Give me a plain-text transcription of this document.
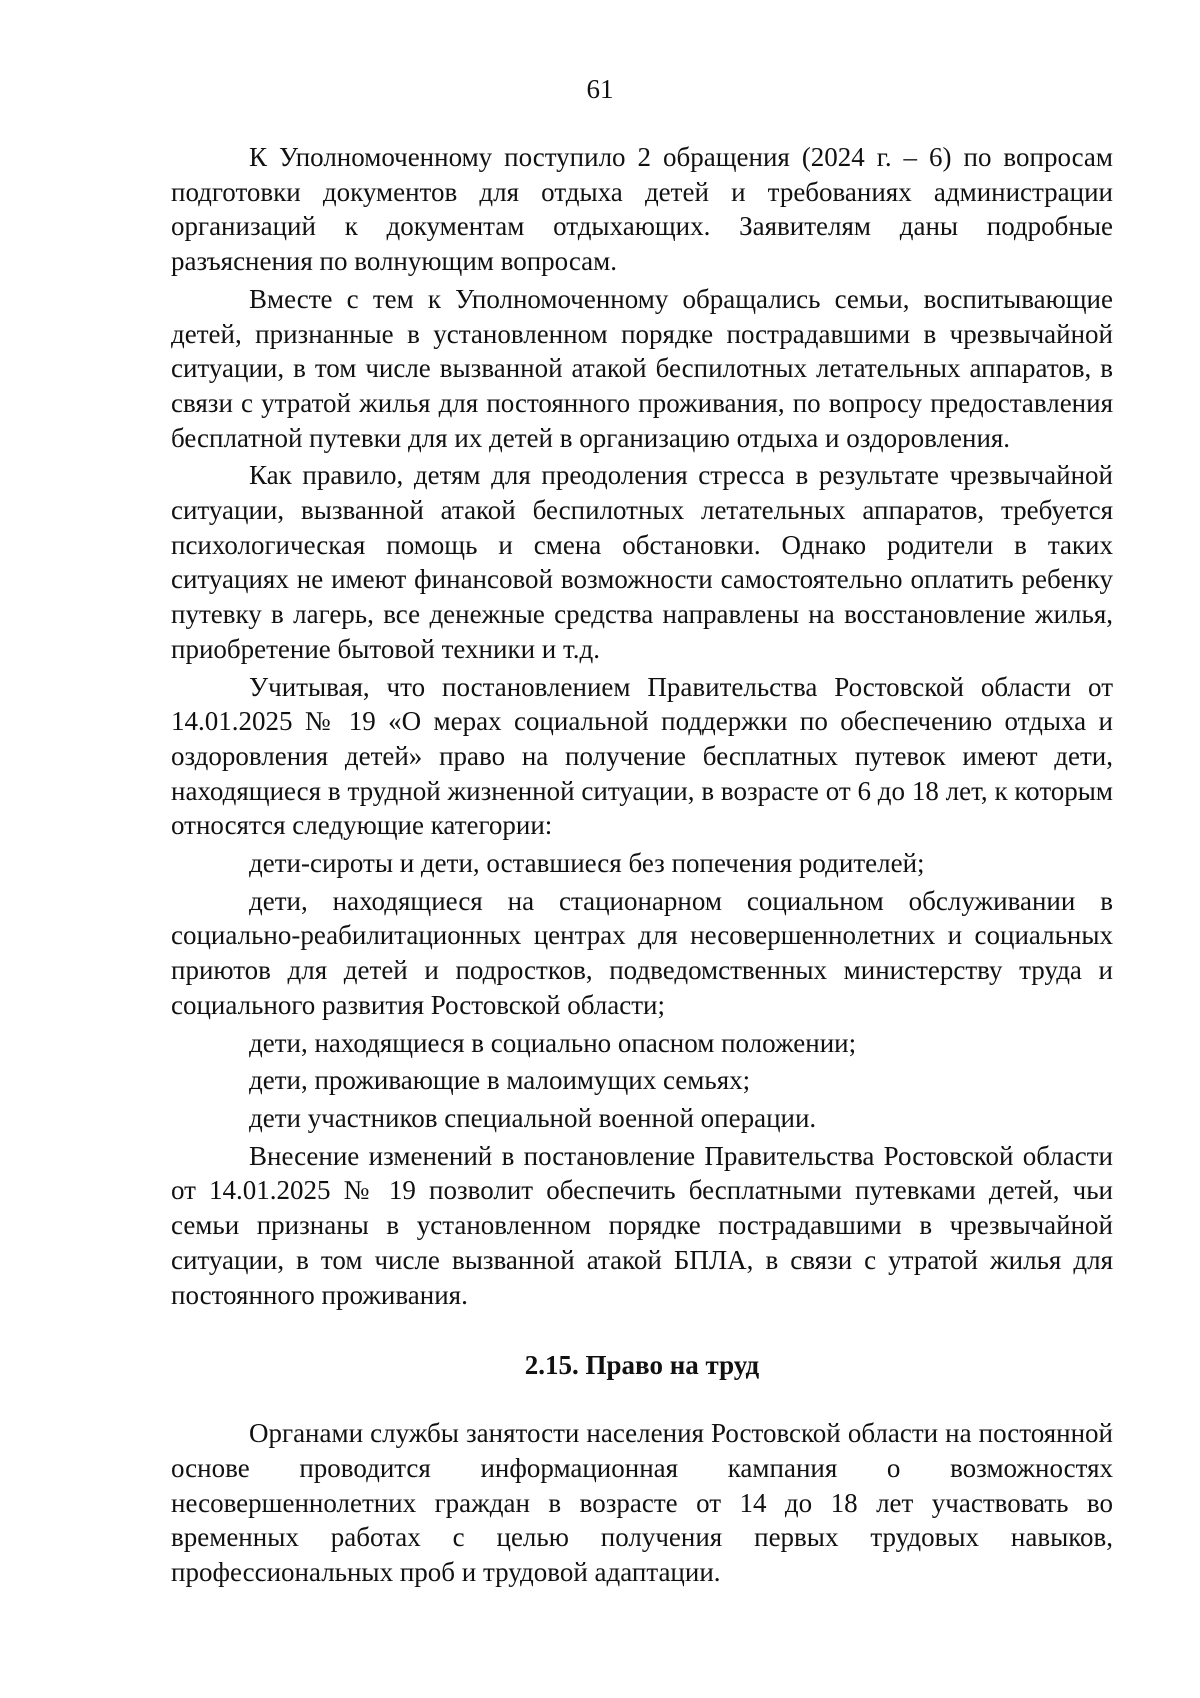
61

К Уполномоченному поступило 2 обращения (2024 г. – 6) по вопросам подготовки документов для отдыха детей и требованиях администрации организаций к документам отдыхающих. Заявителям даны подробные разъяснения по волнующим вопросам.

Вместе с тем к Уполномоченному обращались семьи, воспитывающие детей, признанные в установленном порядке пострадавшими в чрезвычайной ситуации, в том числе вызванной атакой беспилотных летательных аппаратов, в связи с утратой жилья для постоянного проживания, по вопросу предоставления бесплатной путевки для их детей в организацию отдыха и оздоровления.

Как правило, детям для преодоления стресса в результате чрезвычайной ситуации, вызванной атакой беспилотных летательных аппаратов, требуется психологическая помощь и смена обстановки. Однако родители в таких ситуациях не имеют финансовой возможности самостоятельно оплатить ребенку путевку в лагерь, все денежные средства направлены на восстановление жилья, приобретение бытовой техники и т.д.

Учитывая, что постановлением Правительства Ростовской области от 14.01.2025 № 19 «О мерах социальной поддержки по обеспечению отдыха и оздоровления детей» право на получение бесплатных путевок имеют дети, находящиеся в трудной жизненной ситуации, в возрасте от 6 до 18 лет, к которым относятся следующие категории:

дети-сироты и дети, оставшиеся без попечения родителей;

дети, находящиеся на стационарном социальном обслуживании в социально-реабилитационных центрах для несовершеннолетних и социальных приютов для детей и подростков, подведомственных министерству труда и социального развития Ростовской области;

дети, находящиеся в социально опасном положении;

дети, проживающие в малоимущих семьях;

дети участников специальной военной операции.

Внесение изменений в постановление Правительства Ростовской области от 14.01.2025 № 19 позволит обеспечить бесплатными путевками детей, чьи семьи признаны в установленном порядке пострадавшими в чрезвычайной ситуации, в том числе вызванной атакой БПЛА, в связи с утратой жилья для постоянного проживания.

2.15. Право на труд

Органами службы занятости населения Ростовской области на постоянной основе проводится информационная кампания о возможностях несовершеннолетних граждан в возрасте от 14 до 18 лет участвовать во временных работах с целью получения первых трудовых навыков, профессиональных проб и трудовой адаптации.
